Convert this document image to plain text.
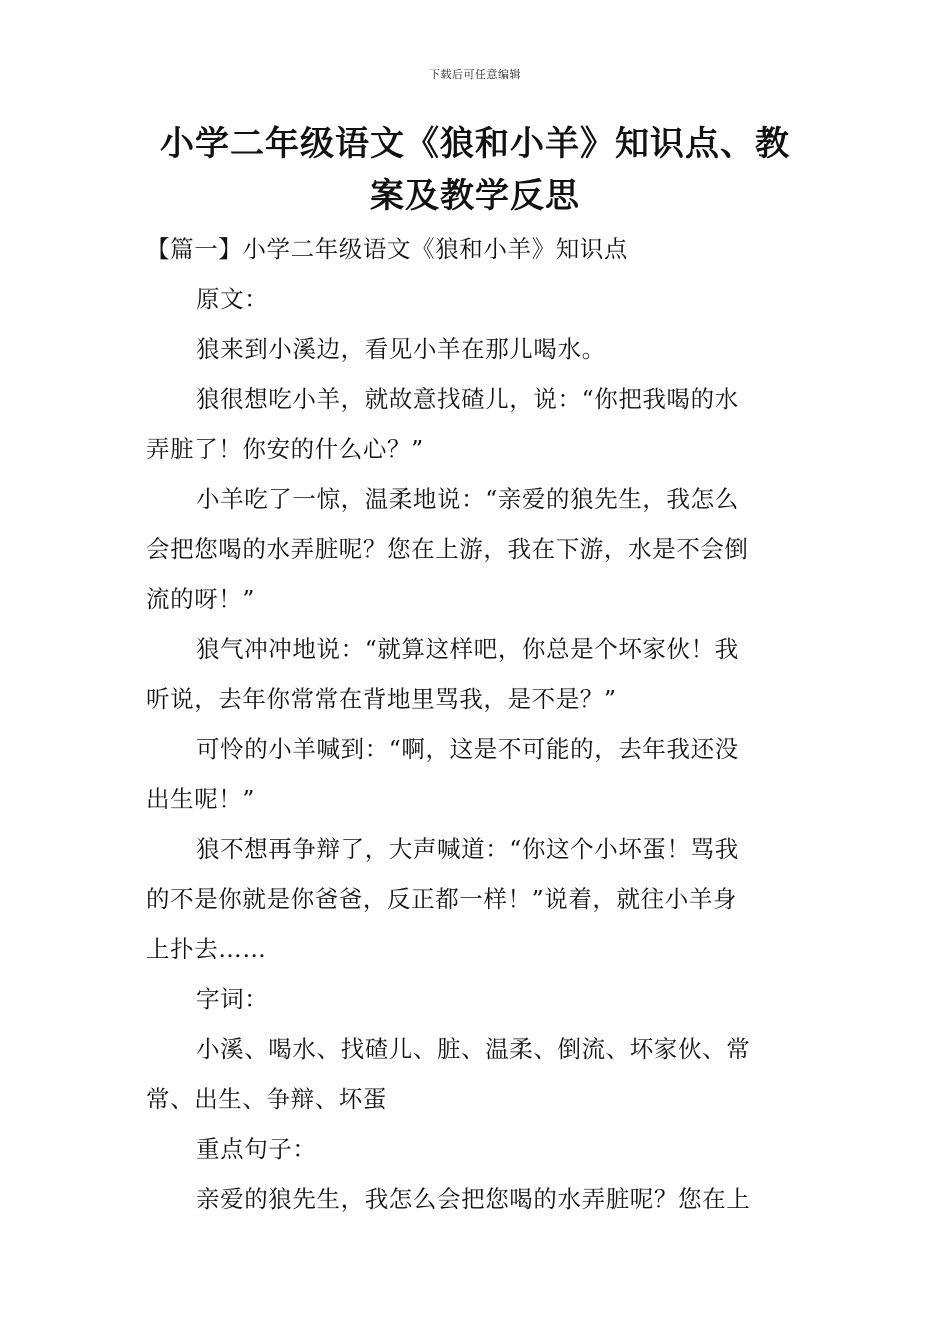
下载后可任意编辑
小学二年级语文《狼和小羊》知识点、教
案及教学反思
【篇一】小学二年级语文《狼和小羊》知识点
原文：
狼来到小溪边，看见小羊在那儿喝水。
狼很想吃小羊，就故意找碴儿，说：“你把我喝的水
弄脏了！你安的什么心？”
小羊吃了一惊，温柔地说：“亲爱的狼先生，我怎么
会把您喝的水弄脏呢？您在上游，我在下游，水是不会倒
流的呀！”
狼气冲冲地说：“就算这样吧，你总是个坏家伙！我
听说，去年你常常在背地里骂我，是不是？”
可怜的小羊喊到：“啊，这是不可能的，去年我还没
出生呢！”
狼不想再争辩了，大声喊道：“你这个小坏蛋！骂我
的不是你就是你爸爸，反正都一样！”说着，就往小羊身
上扑去……
字词：
小溪、喝水、找碴儿、脏、温柔、倒流、坏家伙、常
常、出生、争辩、坏蛋
重点句子：
亲爱的狼先生，我怎么会把您喝的水弄脏呢？您在上
